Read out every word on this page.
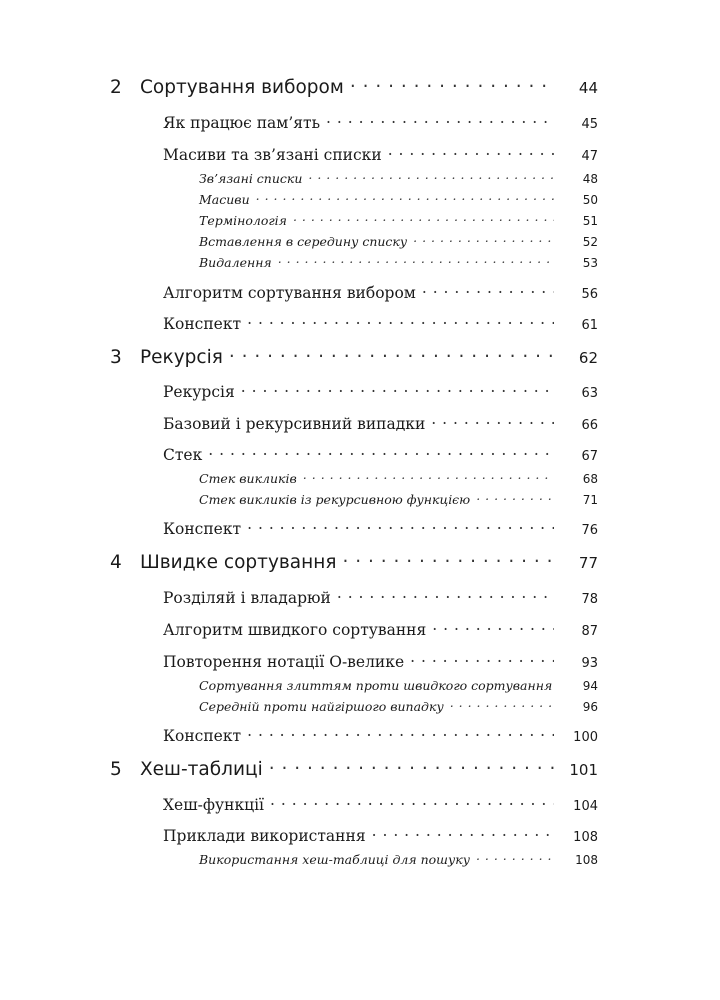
2 Сортування вибором . . .	44
Як працює пам’ять . . .	45
Масиви та зв’язані списки . . .	47
Зв’язані списки . . .	48
Масиви . . .	50
Термінологія . . .	51
Вставлення в середину списку . . .	52
Видалення . . .	53
Алгоритм сортування вибором . . .	56
Конспект . . .	61
3 Рекурсія . . .	62
Рекурсія . . .	63
Базовий і рекурсивний випадки . . .	66
Стек . . .	67
Стек викликів . . .	68
Стек викликів із рекурсивною функцією . . .	71
Конспект . . .	76
4 Швидке сортування . . .	77
Розділяй і владарюй . . .	78
Алгоритм швидкого сортування . . .	87
Повторення нотації О-велике . . .	93
Сортування злиттям проти швидкого сортування	94
Середній проти найгіршого випадку . . .	96
Конспект . . .	100
5 Хеш-таблиці . . .	101
Хеш-функції . . .	104
Приклади використання . . .	108
Використання хеш-таблиці для пошуку . . .	108
